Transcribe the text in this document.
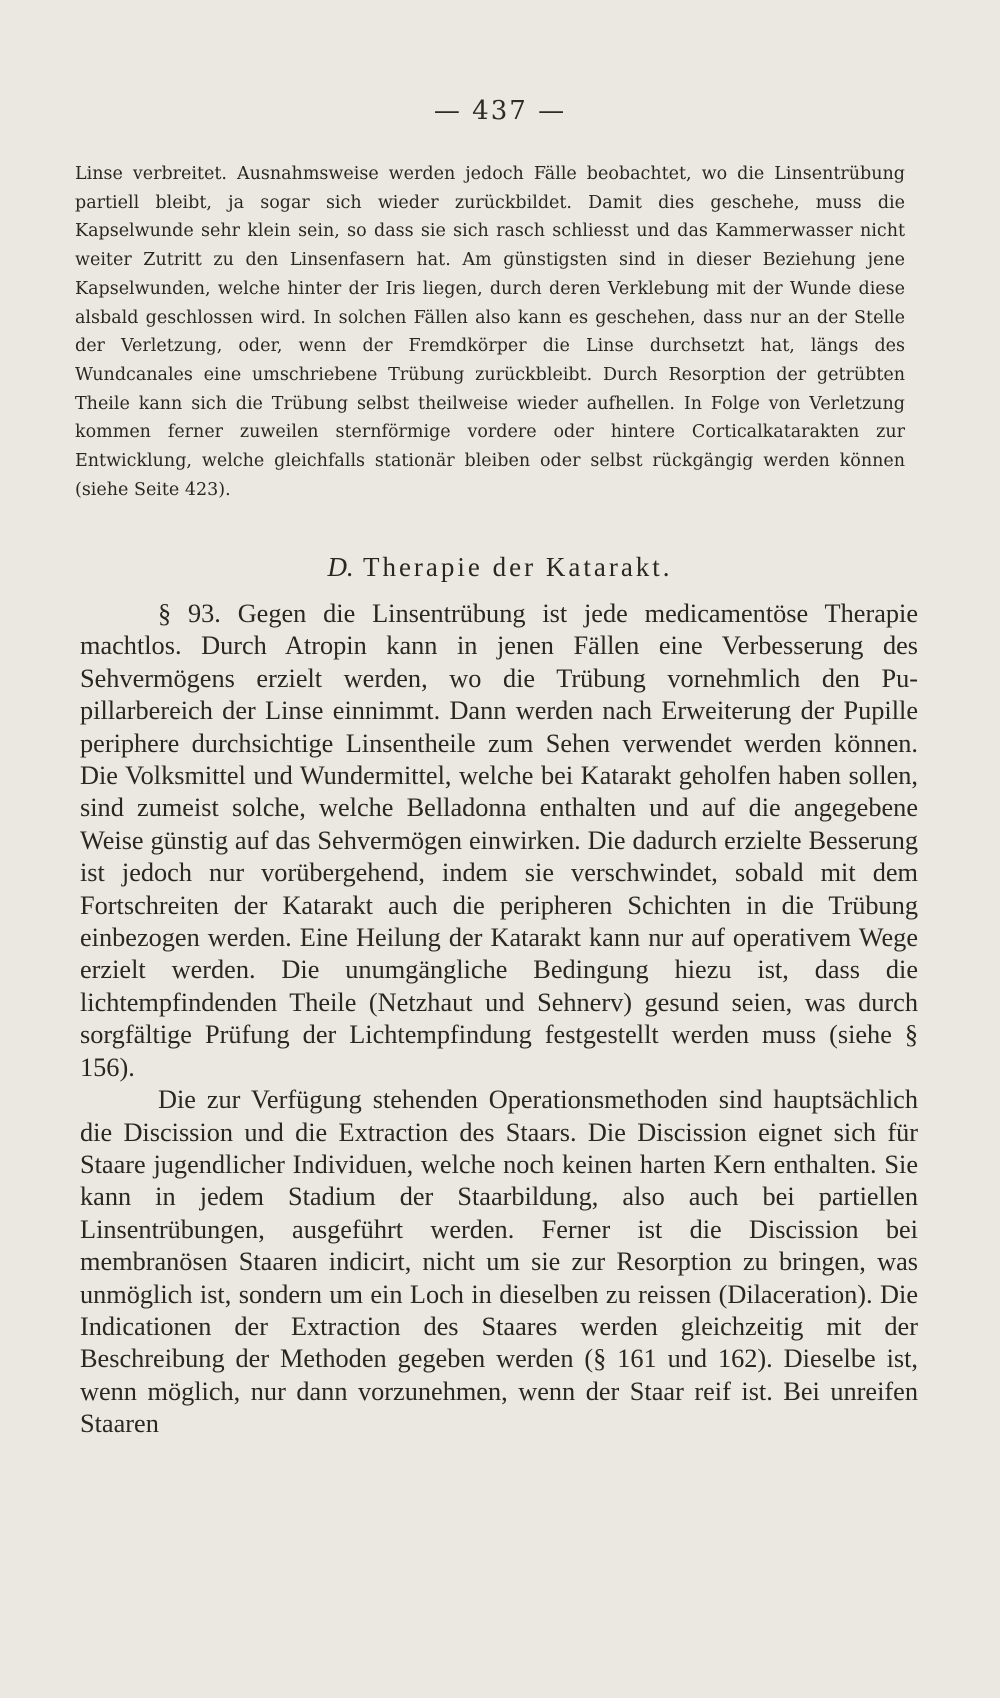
— 437 —

Linse verbreitet. Ausnahmsweise werden jedoch Fälle beobachtet, wo die Linsentrübung partiell bleibt, ja sogar sich wieder zurückbildet. Damit dies geschehe, muss die Kapselwunde sehr klein sein, so dass sie sich rasch schliesst und das Kammerwasser nicht weiter Zutritt zu den Linsenfasern hat. Am günstigsten sind in dieser Beziehung jene Kapselwunden, welche hinter der Iris liegen, durch deren Verklebung mit der Wunde diese alsbald geschlossen wird. In solchen Fällen also kann es geschehen, dass nur an der Stelle der Verletzung, oder, wenn der Fremdkörper die Linse durchsetzt hat, längs des Wundcanales eine umschriebene Trübung zurückbleibt. Durch Resorption der getrübten Theile kann sich die Trübung selbst theilweise wieder aufhellen. In Folge von Verletzung kommen ferner zuweilen sternförmige vordere oder hintere Corticalkatarakten zur Entwicklung, welche gleichfalls stationär bleiben oder selbst rückgängig werden können (siehe Seite 423).

D. Therapie der Katarakt.

§ 93. Gegen die Linsentrübung ist jede medicamentöse Therapie machtlos. Durch Atropin kann in jenen Fällen eine Verbesserung des Sehvermögens erzielt werden, wo die Trübung vornehmlich den Pupillarbereich der Linse einnimmt. Dann werden nach Erweiterung der Pupille periphere durchsichtige Linsentheile zum Sehen verwendet werden können. Die Volksmittel und Wundermittel, welche bei Katarakt geholfen haben sollen, sind zumeist solche, welche Belladonna enthalten und auf die angegebene Weise günstig auf das Sehvermögen einwirken. Die dadurch erzielte Besserung ist jedoch nur vorübergehend, indem sie verschwindet, sobald mit dem Fortschreiten der Katarakt auch die peripheren Schichten in die Trübung einbezogen werden. Eine Heilung der Katarakt kann nur auf operativem Wege erzielt werden. Die unumgängliche Bedingung hiezu ist, dass die lichtempfindenden Theile (Netzhaut und Sehnerv) gesund seien, was durch sorgfältige Prüfung der Lichtempfindung festgestellt werden muss (siehe § 156).

Die zur Verfügung stehenden Operationsmethoden sind hauptsächlich die Discission und die Extraction des Staars. Die Discission eignet sich für Staare jugendlicher Individuen, welche noch keinen harten Kern enthalten. Sie kann in jedem Stadium der Staarbildung, also auch bei partiellen Linsentrübungen, ausgeführt werden. Ferner ist die Discission bei membranösen Staaren indicirt, nicht um sie zur Resorption zu bringen, was unmöglich ist, sondern um ein Loch in dieselben zu reissen (Dilaceration). Die Indicationen der Extraction des Staares werden gleichzeitig mit der Beschreibung der Methoden gegeben werden (§ 161 und 162). Dieselbe ist, wenn möglich, nur dann vorzunehmen, wenn der Staar reif ist. Bei unreifen Staaren
